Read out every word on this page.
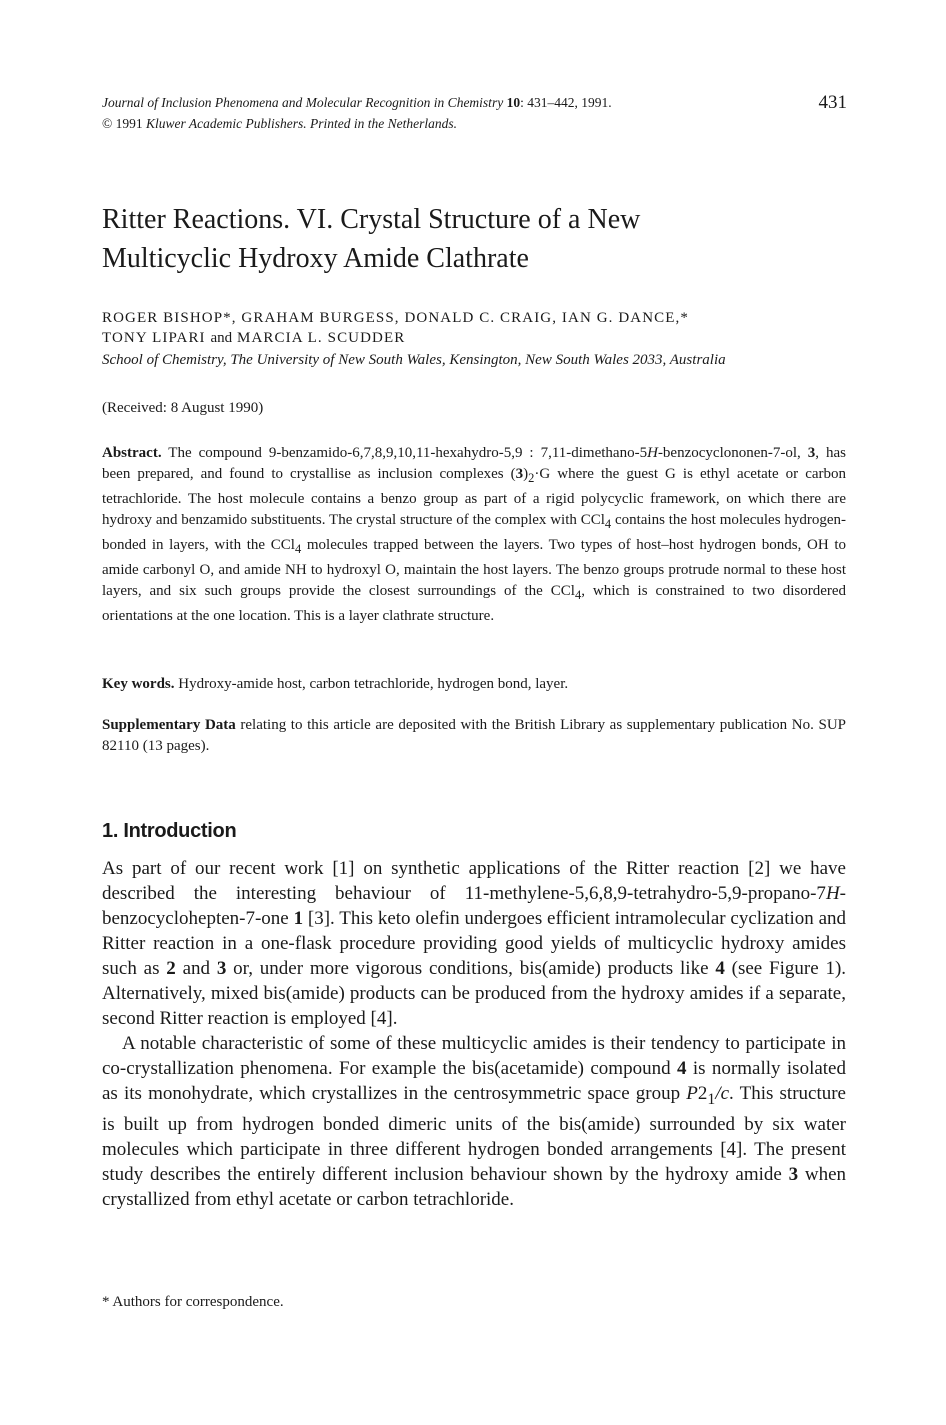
Journal of Inclusion Phenomena and Molecular Recognition in Chemistry 10: 431–442, 1991.
© 1991 Kluwer Academic Publishers. Printed in the Netherlands.
431
Ritter Reactions. VI. Crystal Structure of a New
Multicyclic Hydroxy Amide Clathrate
ROGER BISHOP*, GRAHAM BURGESS, DONALD C. CRAIG, IAN G. DANCE,*
TONY LIPARI and MARCIA L. SCUDDER
School of Chemistry, The University of New South Wales, Kensington, New South Wales 2033, Australia
(Received: 8 August 1990)
Abstract. The compound 9-benzamido-6,7,8,9,10,11-hexahydro-5,9 : 7,11-dimethano-5H-benzocyclononen-7-ol, 3, has been prepared, and found to crystallise as inclusion complexes $(3)_2\cdot G$ where the guest G is ethyl acetate or carbon tetrachloride. The host molecule contains a benzo group as part of a rigid polycyclic framework, on which there are hydroxy and benzamido substituents. The crystal structure of the complex with CCl$_4$ contains the host molecules hydrogen-bonded in layers, with the CCl$_4$ molecules trapped between the layers. Two types of host–host hydrogen bonds, OH to amide carbonyl O, and amide NH to hydroxyl O, maintain the host layers. The benzo groups protrude normal to these host layers, and six such groups provide the closest surroundings of the CCl$_4$, which is constrained to two disordered orientations at the one location. This is a layer clathrate structure.
Key words. Hydroxy-amide host, carbon tetrachloride, hydrogen bond, layer.
Supplementary Data relating to this article are deposited with the British Library as supplementary publication No. SUP 82110 (13 pages).
1. Introduction

As part of our recent work [1] on synthetic applications of the Ritter reaction [2] we have described the interesting behaviour of 11-methylene-5,6,8,9-tetrahydro-5,9-propano-7H-benzocyclohepten-7-one 1 [3]. This keto olefin undergoes efficient intramolecular cyclization and Ritter reaction in a one-flask procedure providing good yields of multicyclic hydroxy amides such as 2 and 3 or, under more vigorous conditions, bis(amide) products like 4 (see Figure 1). Alternatively, mixed bis(amide) products can be produced from the hydroxy amides if a separate, second Ritter reaction is employed [4].

A notable characteristic of some of these multicyclic amides is their tendency to participate in co-crystallization phenomena. For example the bis(acetamide) compound 4 is normally isolated as its monohydrate, which crystallizes in the centrosymmetric space group $P2_1/c$. This structure is built up from hydrogen bonded dimeric units of the bis(amide) surrounded by six water molecules which participate in three different hydrogen bonded arrangements [4]. The present study describes the entirely different inclusion behaviour shown by the hydroxy amide 3 when crystallized from ethyl acetate or carbon tetrachloride.

* Authors for correspondence.
